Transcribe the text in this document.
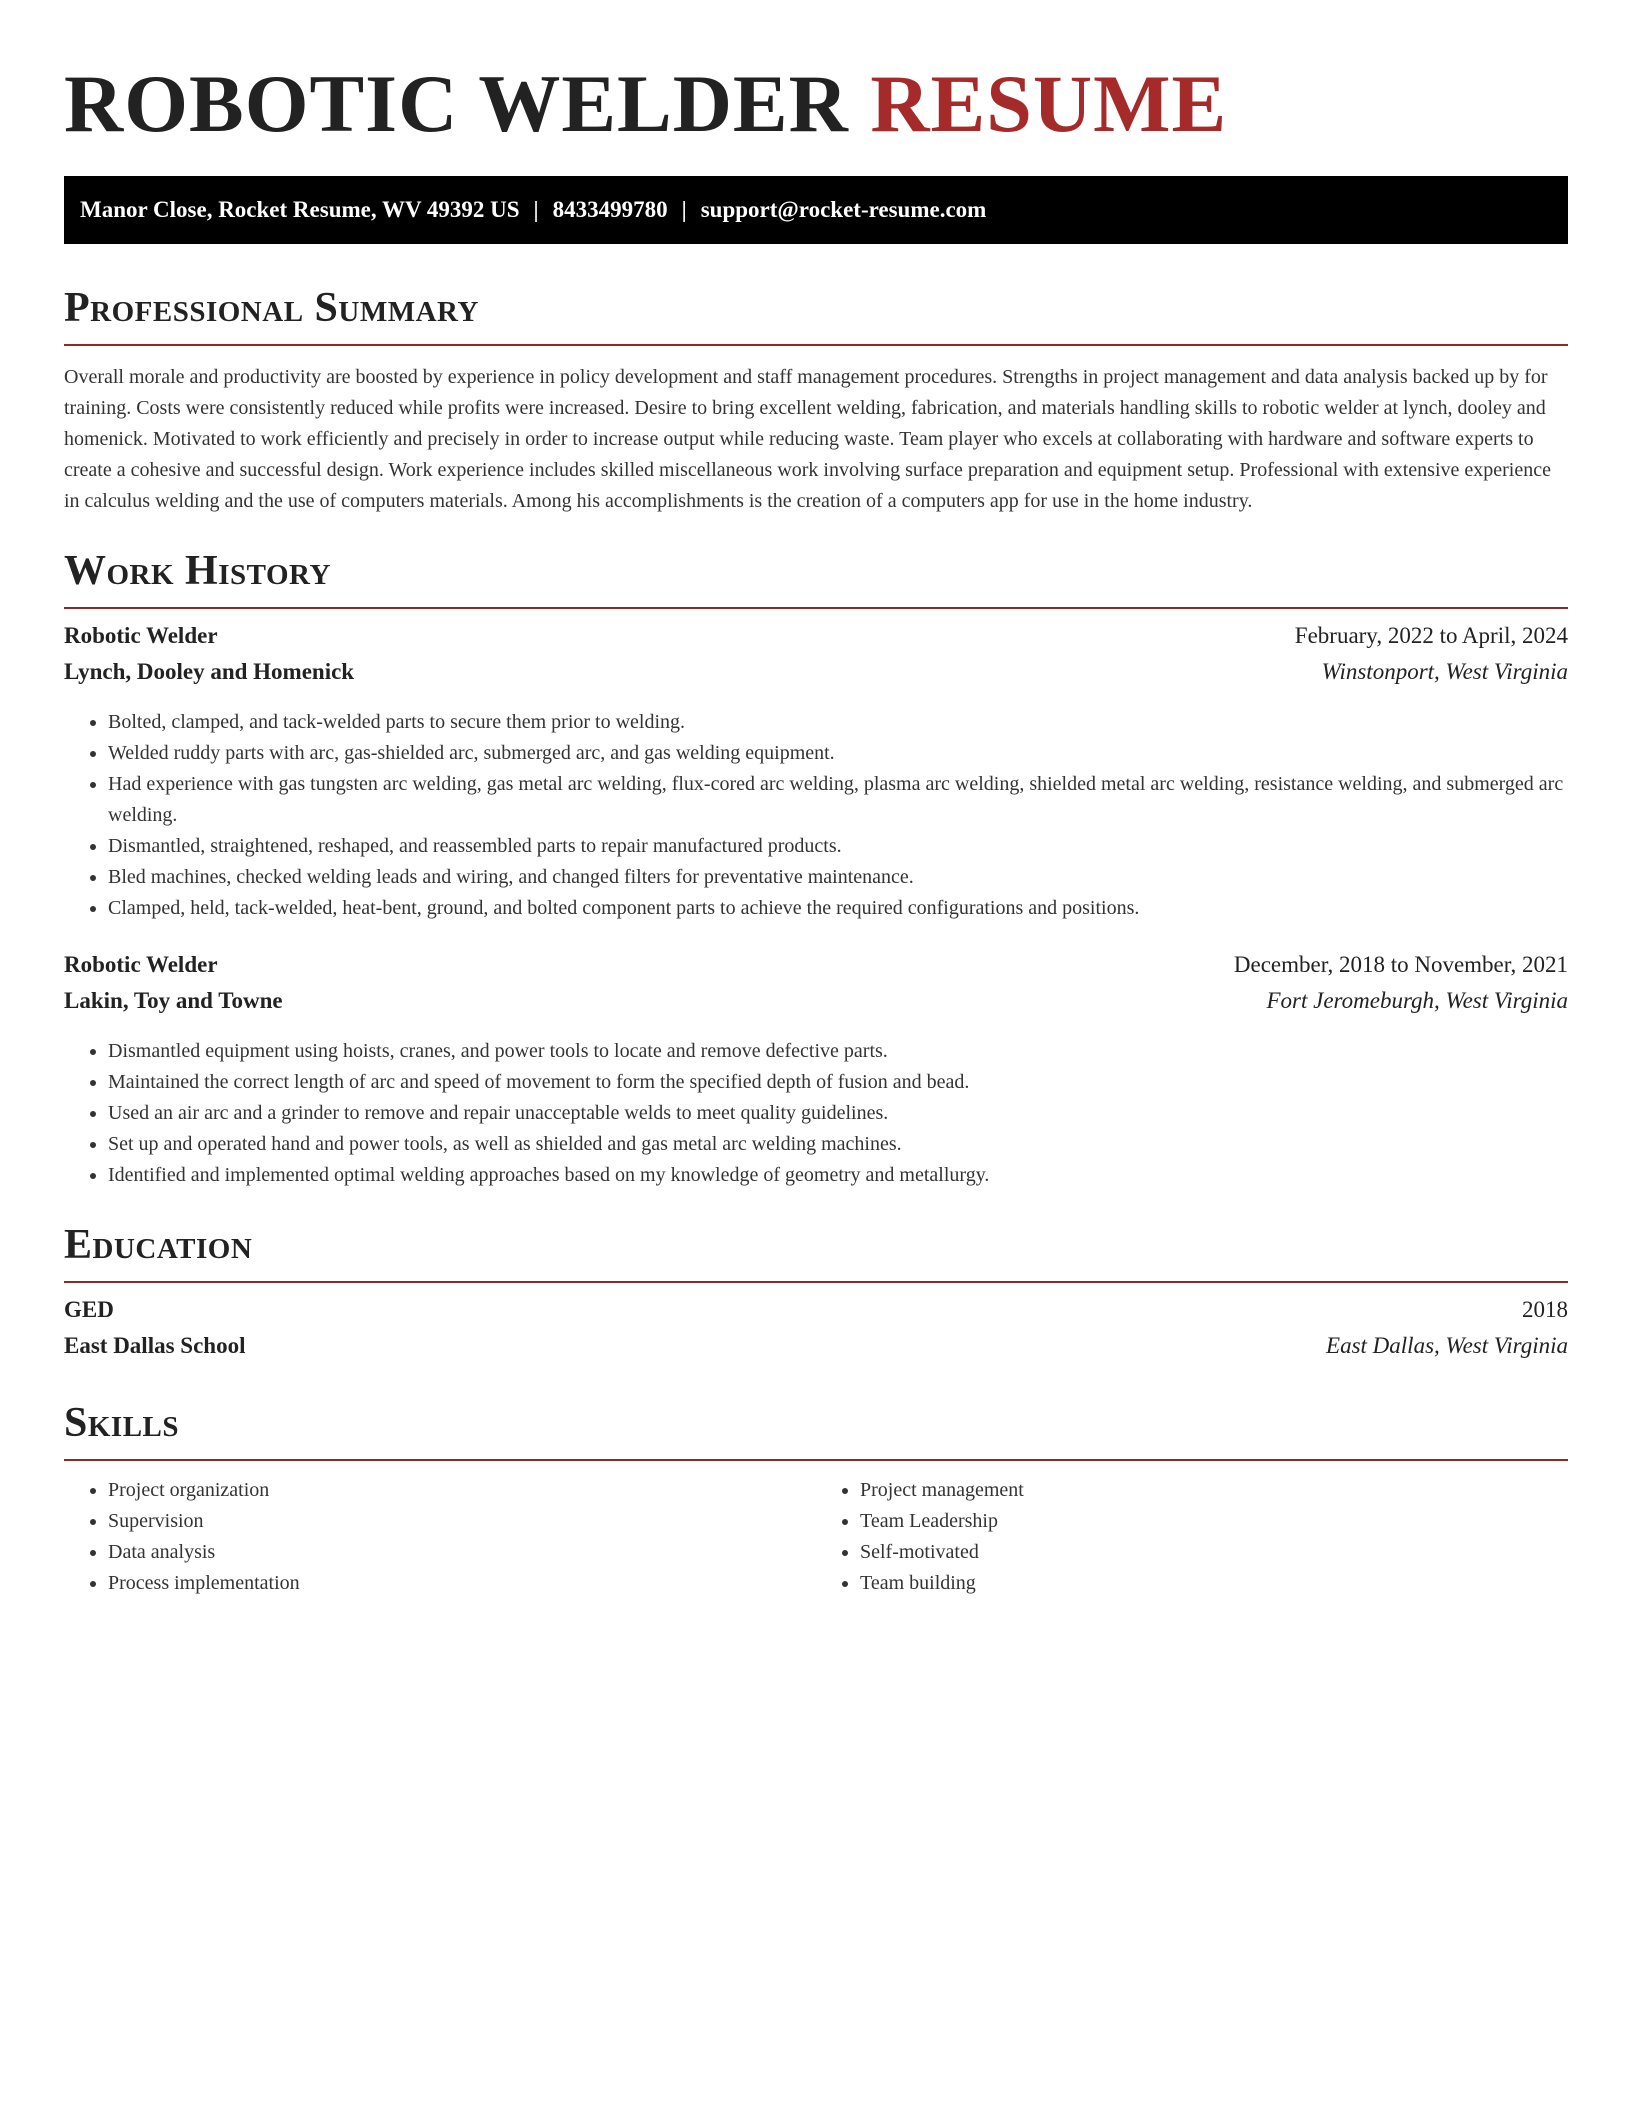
ROBOTIC WELDER RESUME
Manor Close, Rocket Resume, WV 49392 US | 8433499780 | support@rocket-resume.com
Professional Summary

Overall morale and productivity are boosted by experience in policy development and staff management procedures. Strengths in project management and data analysis backed up by for training. Costs were consistently reduced while profits were increased. Desire to bring excellent welding, fabrication, and materials handling skills to robotic welder at lynch, dooley and homenick. Motivated to work efficiently and precisely in order to increase output while reducing waste. Team player who excels at collaborating with hardware and software experts to create a cohesive and successful design. Work experience includes skilled miscellaneous work involving surface preparation and equipment setup. Professional with extensive experience in calculus welding and the use of computers materials. Among his accomplishments is the creation of a computers app for use in the home industry.

Work History
Robotic Welder	February, 2022 to April, 2024
Lynch, Dooley and Homenick	Winstonport, West Virginia
• Bolted, clamped, and tack-welded parts to secure them prior to welding.
• Welded ruddy parts with arc, gas-shielded arc, submerged arc, and gas welding equipment.
• Had experience with gas tungsten arc welding, gas metal arc welding, flux-cored arc welding, plasma arc welding, shielded metal arc welding, resistance welding, and submerged arc welding.
• Dismantled, straightened, reshaped, and reassembled parts to repair manufactured products.
• Bled machines, checked welding leads and wiring, and changed filters for preventative maintenance.
• Clamped, held, tack-welded, heat-bent, ground, and bolted component parts to achieve the required configurations and positions.
Robotic Welder	December, 2018 to November, 2021
Lakin, Toy and Towne	Fort Jeromeburgh, West Virginia
• Dismantled equipment using hoists, cranes, and power tools to locate and remove defective parts.
• Maintained the correct length of arc and speed of movement to form the specified depth of fusion and bead.
• Used an air arc and a grinder to remove and repair unacceptable welds to meet quality guidelines.
• Set up and operated hand and power tools, as well as shielded and gas metal arc welding machines.
• Identified and implemented optimal welding approaches based on my knowledge of geometry and metallurgy.
Education
GED	2018
East Dallas School	East Dallas, West Virginia
Skills
• Project organization
• Supervision
• Data analysis
• Process implementation
• Project management
• Team Leadership
• Self-motivated
• Team building
